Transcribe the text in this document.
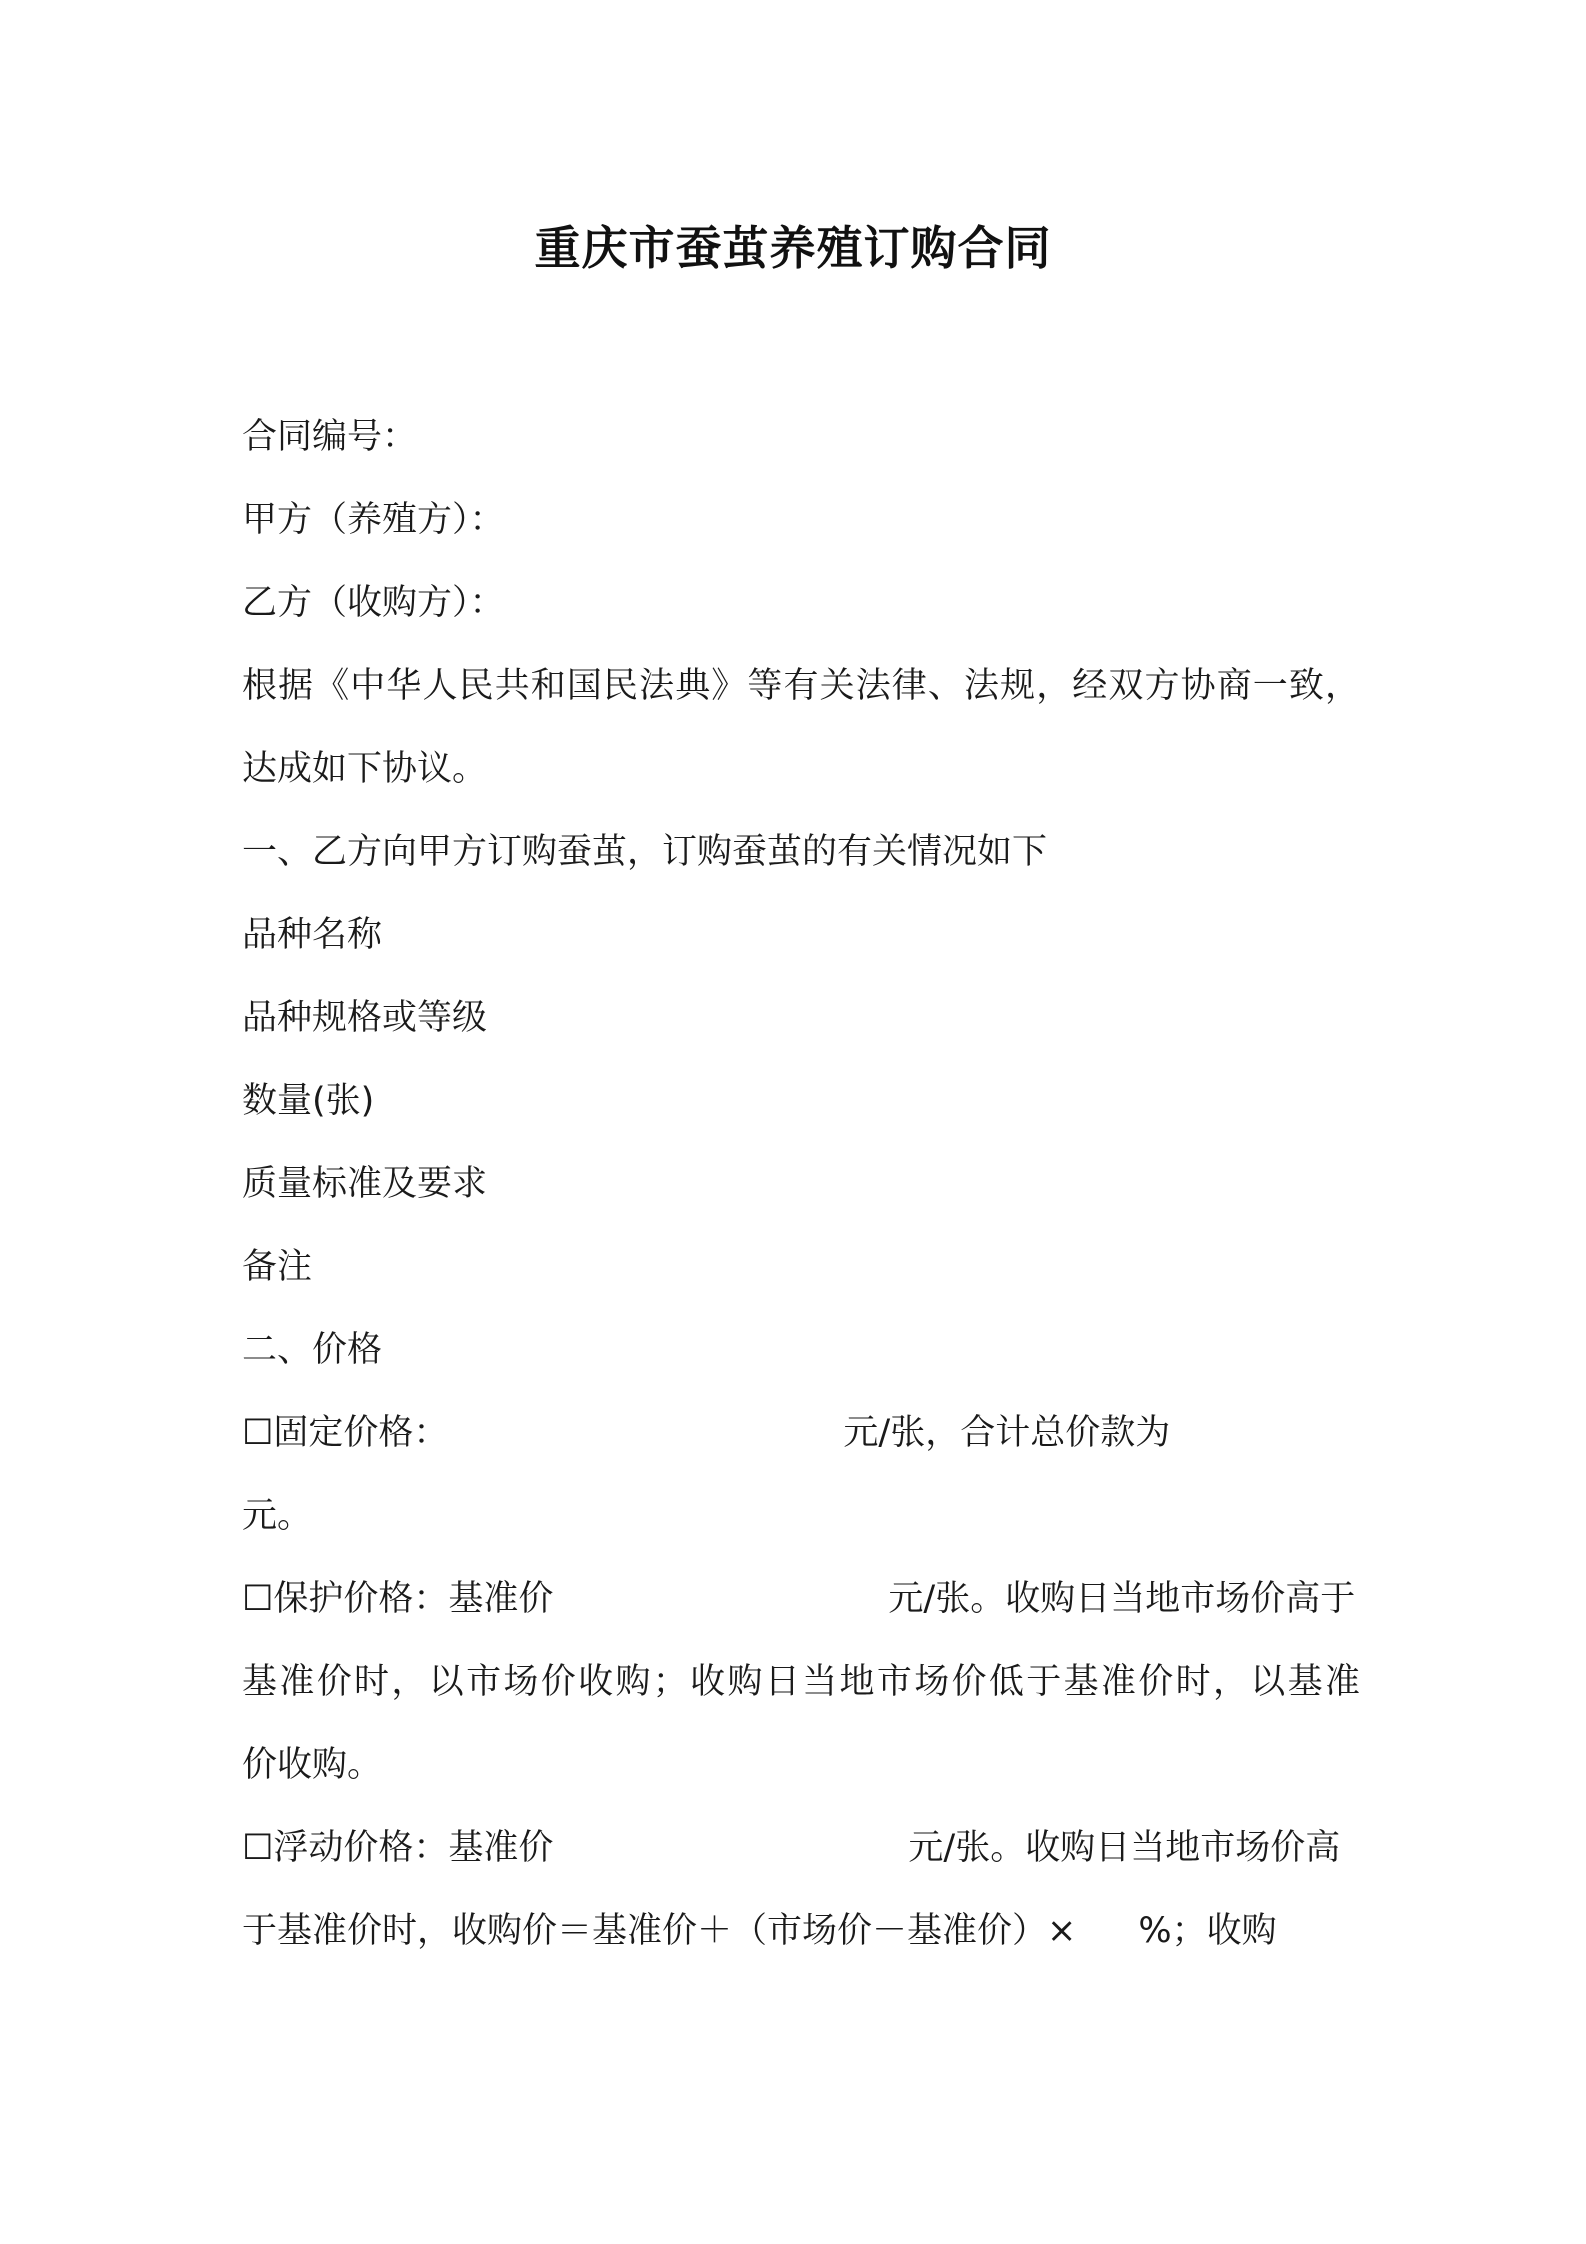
重庆市蚕茧养殖订购合同
合同编号：
甲方（养殖方）：
乙方（收购方）：
根据《中华人民共和国民法典》等有关法律、法规，经双方协商一致，
达成如下协议。
一、乙方向甲方订购蚕茧，订购蚕茧的有关情况如下
品种名称
品种规格或等级
数量(张)
质量标准及要求
备注
二、价格
☐固定价格：	元/张，合计总价款为
元。
☐保护价格：基准价	元/张。收购日当地市场价高于
基准价时，以市场价收购；收购日当地市场价低于基准价时，以基准
价收购。
☐浮动价格：基准价	元/张。收购日当地市场价高
于基准价时，收购价＝基准价＋（市场价－基准价）× %；收购
